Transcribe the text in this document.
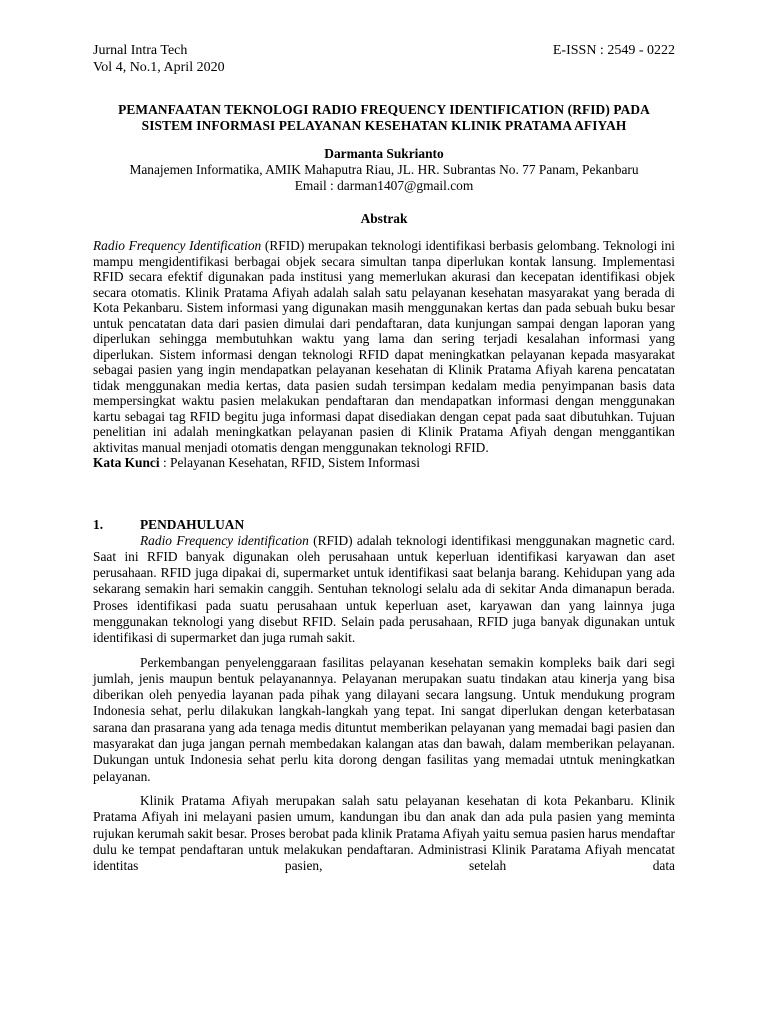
Jurnal Intra Tech
Vol 4, No.1, April 2020
E-ISSN : 2549 - 0222
PEMANFAATAN TEKNOLOGI RADIO FREQUENCY IDENTIFICATION (RFID) PADA SISTEM INFORMASI PELAYANAN KESEHATAN KLINIK PRATAMA AFIYAH
Darmanta Sukrianto
Manajemen Informatika, AMIK Mahaputra Riau, JL. HR. Subrantas No. 77 Panam, Pekanbaru
Email : darman1407@gmail.com
Abstrak
Radio Frequency Identification (RFID) merupakan teknologi identifikasi berbasis gelombang. Teknologi ini mampu mengidentifikasi berbagai objek secara simultan tanpa diperlukan kontak lansung. Implementasi RFID secara efektif digunakan pada institusi yang memerlukan akurasi dan kecepatan identifikasi objek secara otomatis. Klinik Pratama Afiyah adalah salah satu pelayanan kesehatan masyarakat yang berada di Kota Pekanbaru. Sistem informasi yang digunakan masih menggunakan kertas dan pada sebuah buku besar untuk pencatatan data dari pasien dimulai dari pendaftaran, data kunjungan sampai dengan laporan yang diperlukan sehingga membutuhkan waktu yang lama dan sering terjadi kesalahan informasi yang diperlukan. Sistem informasi dengan teknologi RFID dapat meningkatkan pelayanan kepada masyarakat sebagai pasien yang ingin mendapatkan pelayanan kesehatan di Klinik Pratama Afiyah karena pencatatan tidak menggunakan media kertas, data pasien sudah tersimpan kedalam media penyimpanan basis data mempersingkat waktu pasien melakukan pendaftaran dan mendapatkan informasi dengan menggunakan kartu sebagai tag RFID begitu juga informasi dapat disediakan dengan cepat pada saat dibutuhkan. Tujuan penelitian ini adalah meningkatkan pelayanan pasien di Klinik Pratama Afiyah dengan menggantikan aktivitas manual menjadi otomatis dengan menggunakan teknologi RFID.
Kata Kunci : Pelayanan Kesehatan, RFID, Sistem Informasi
1.	PENDAHULUAN

Radio Frequency identification (RFID) adalah teknologi identifikasi menggunakan magnetic card. Saat ini RFID banyak digunakan oleh perusahaan untuk keperluan identifikasi karyawan dan aset perusahaan. RFID juga dipakai di, supermarket untuk identifikasi saat belanja barang. Kehidupan yang ada sekarang semakin hari semakin canggih. Sentuhan teknologi selalu ada di sekitar Anda dimanapun berada. Proses identifikasi pada suatu perusahaan untuk keperluan aset, karyawan dan yang lainnya juga menggunakan teknologi yang disebut RFID. Selain pada perusahaan, RFID juga banyak digunakan untuk identifikasi di supermarket dan juga rumah sakit.

Perkembangan penyelenggaraan fasilitas pelayanan kesehatan semakin kompleks baik dari segi jumlah, jenis maupun bentuk pelayanannya. Pelayanan merupakan suatu tindakan atau kinerja yang bisa diberikan oleh penyedia layanan pada pihak yang dilayani secara langsung. Untuk mendukung program Indonesia sehat, perlu dilakukan langkah-langkah yang tepat. Ini sangat diperlukan dengan keterbatasan sarana dan prasarana yang ada tenaga medis dituntut memberikan pelayanan yang memadai bagi pasien dan masyarakat dan juga jangan pernah membedakan kalangan atas dan bawah, dalam memberikan pelayanan. Dukungan untuk Indonesia sehat perlu kita dorong dengan fasilitas yang memadai utntuk meningkatkan pelayanan.

Klinik Pratama Afiyah merupakan salah satu pelayanan kesehatan di kota Pekanbaru. Klinik Pratama Afiyah ini melayani pasien umum, kandungan ibu dan anak dan ada pula pasien yang meminta rujukan kerumah sakit besar. Proses berobat pada klinik Pratama Afiyah yaitu semua pasien harus mendaftar dulu ke tempat pendaftaran untuk melakukan pendaftaran. Administrasi Klinik Paratama Afiyah mencatat identitas pasien, setelah data
